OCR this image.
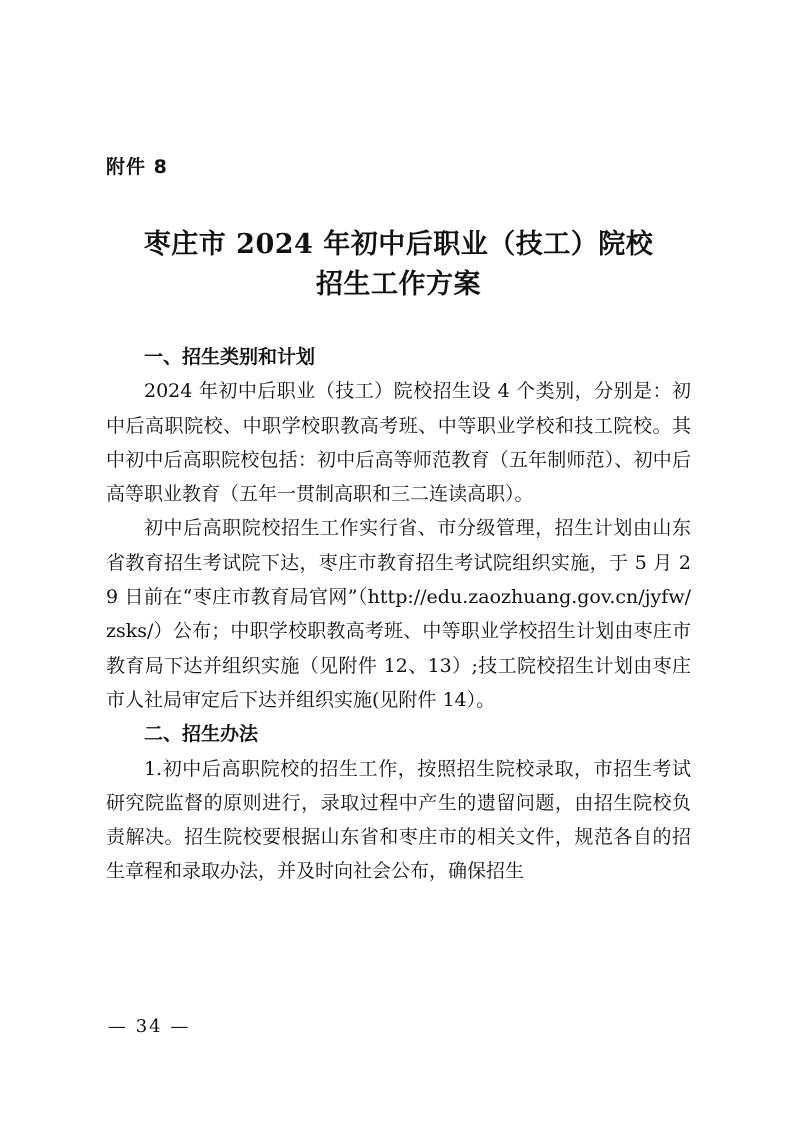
附件 8
枣庄市 2024 年初中后职业（技工）院校
招生工作方案

一、招生类别和计划

2024 年初中后职业（技工）院校招生设 4 个类别，分别是：初中后高职院校、中职学校职教高考班、中等职业学校和技工院校。其中初中后高职院校包括：初中后高等师范教育（五年制师范）、初中后高等职业教育（五年一贯制高职和三二连读高职）。

初中后高职院校招生工作实行省、市分级管理，招生计划由山东省教育招生考试院下达，枣庄市教育招生考试院组织实施，于 5 月 29 日前在“枣庄市教育局官网”（http://edu.zaozhuang.gov.cn/jyfw/zsks/）公布；中职学校职教高考班、中等职业学校招生计划由枣庄市教育局下达并组织实施（见附件 12、13）;技工院校招生计划由枣庄市人社局审定后下达并组织实施(见附件 14）。

二、招生办法

1.初中后高职院校的招生工作，按照招生院校录取，市招生考试研究院监督的原则进行，录取过程中产生的遗留问题，由招生院校负责解决。招生院校要根据山东省和枣庄市的相关文件，规范各自的招生章程和录取办法，并及时向社会公布，确保招生

— 34 —
